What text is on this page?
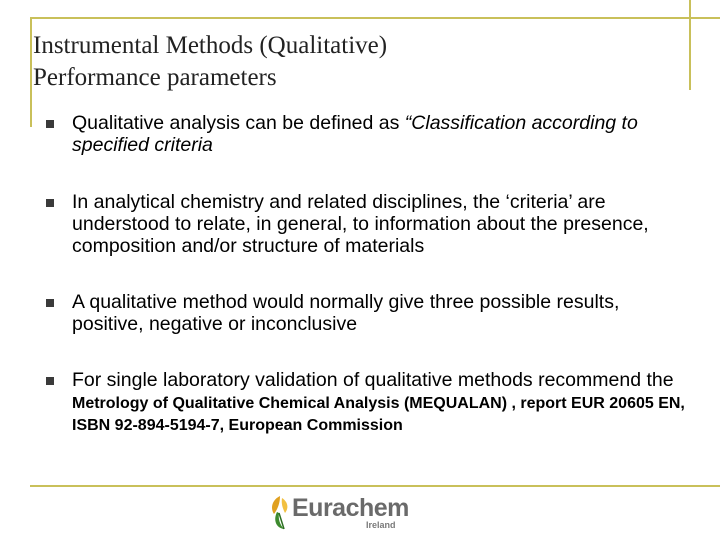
Instrumental Methods (Qualitative)
Performance parameters
Qualitative analysis can be defined as “Classification according to specified criteria
In analytical chemistry and related disciplines, the ‘criteria’ are understood to relate, in general, to information about the presence, composition and/or structure of materials
A qualitative method would normally give three possible results, positive, negative or inconclusive
For single laboratory validation of qualitative methods recommend the Metrology of Qualitative Chemical Analysis (MEQUALAN) , report EUR 20605 EN, ISBN 92-894-5194-7, European Commission
Eurachem
Ireland
